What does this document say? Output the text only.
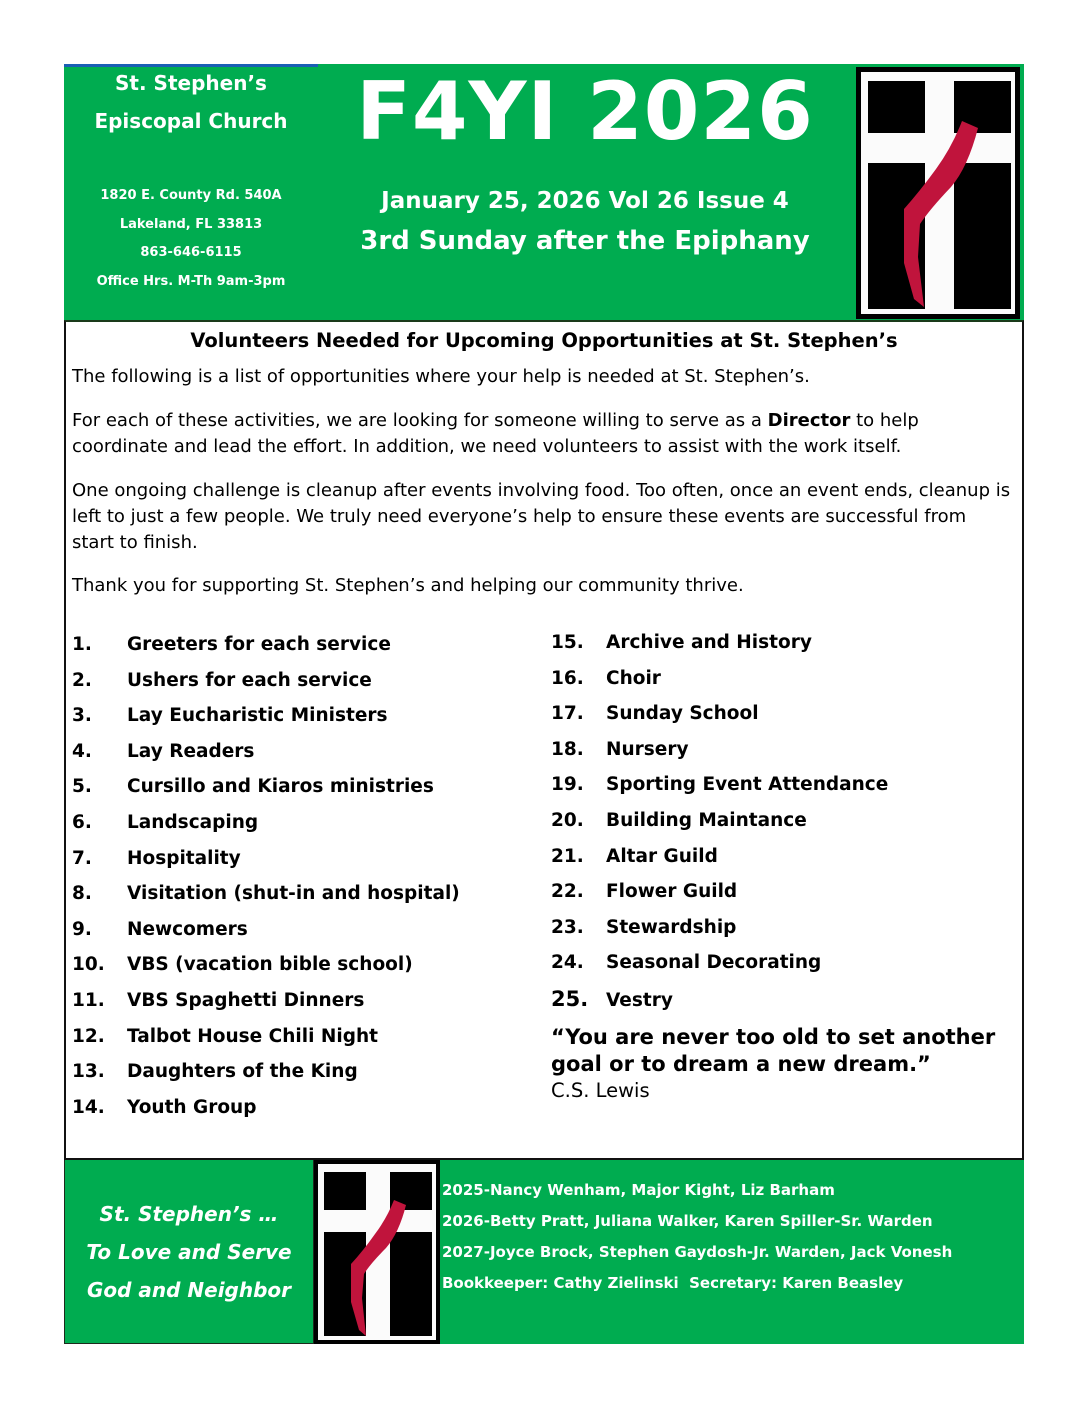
St. Stephen’s
Episcopal Church
1820 E. County Rd. 540A
Lakeland, FL 33813
863-646-6115
Office Hrs. M-Th 9am-3pm
F4YI 2026
January 25, 2026 Vol 26 Issue 4
3rd Sunday after the Epiphany
Volunteers Needed for Upcoming Opportunities at St. Stephen’s
The following is a list of opportunities where your help is needed at St. Stephen’s.
For each of these activities, we are looking for someone willing to serve as a Director to help coordinate and lead the effort. In addition, we need volunteers to assist with the work itself.
One ongoing challenge is cleanup after events involving food. Too often, once an event ends, cleanup is left to just a few people. We truly need everyone’s help to ensure these events are successful from start to finish.
Thank you for supporting St. Stephen’s and helping our community thrive.
1. Greeters for each service
2. Ushers for each service
3. Lay Eucharistic Ministers
4. Lay Readers
5. Cursillo and Kiaros ministries
6. Landscaping
7. Hospitality
8. Visitation (shut-in and hospital)
9. Newcomers
10. VBS (vacation bible school)
11. VBS Spaghetti Dinners
12. Talbot House Chili Night
13. Daughters of the King
14. Youth Group
15. Archive and History
16. Choir
17. Sunday School
18. Nursery
19. Sporting Event Attendance
20. Building Maintance
21. Altar Guild
22. Flower Guild
23. Stewardship
24. Seasonal Decorating
25. Vestry
“You are never too old to set another goal or to dream a new dream.”
C.S. Lewis
St. Stephen’s …
To Love and Serve
God and Neighbor
2025-Nancy Wenham, Major Kight, Liz Barham
2026-Betty Pratt, Juliana Walker, Karen Spiller-Sr. Warden
2027-Joyce Brock, Stephen Gaydosh-Jr. Warden, Jack Vonesh
Bookkeeper: Cathy Zielinski  Secretary: Karen Beasley
